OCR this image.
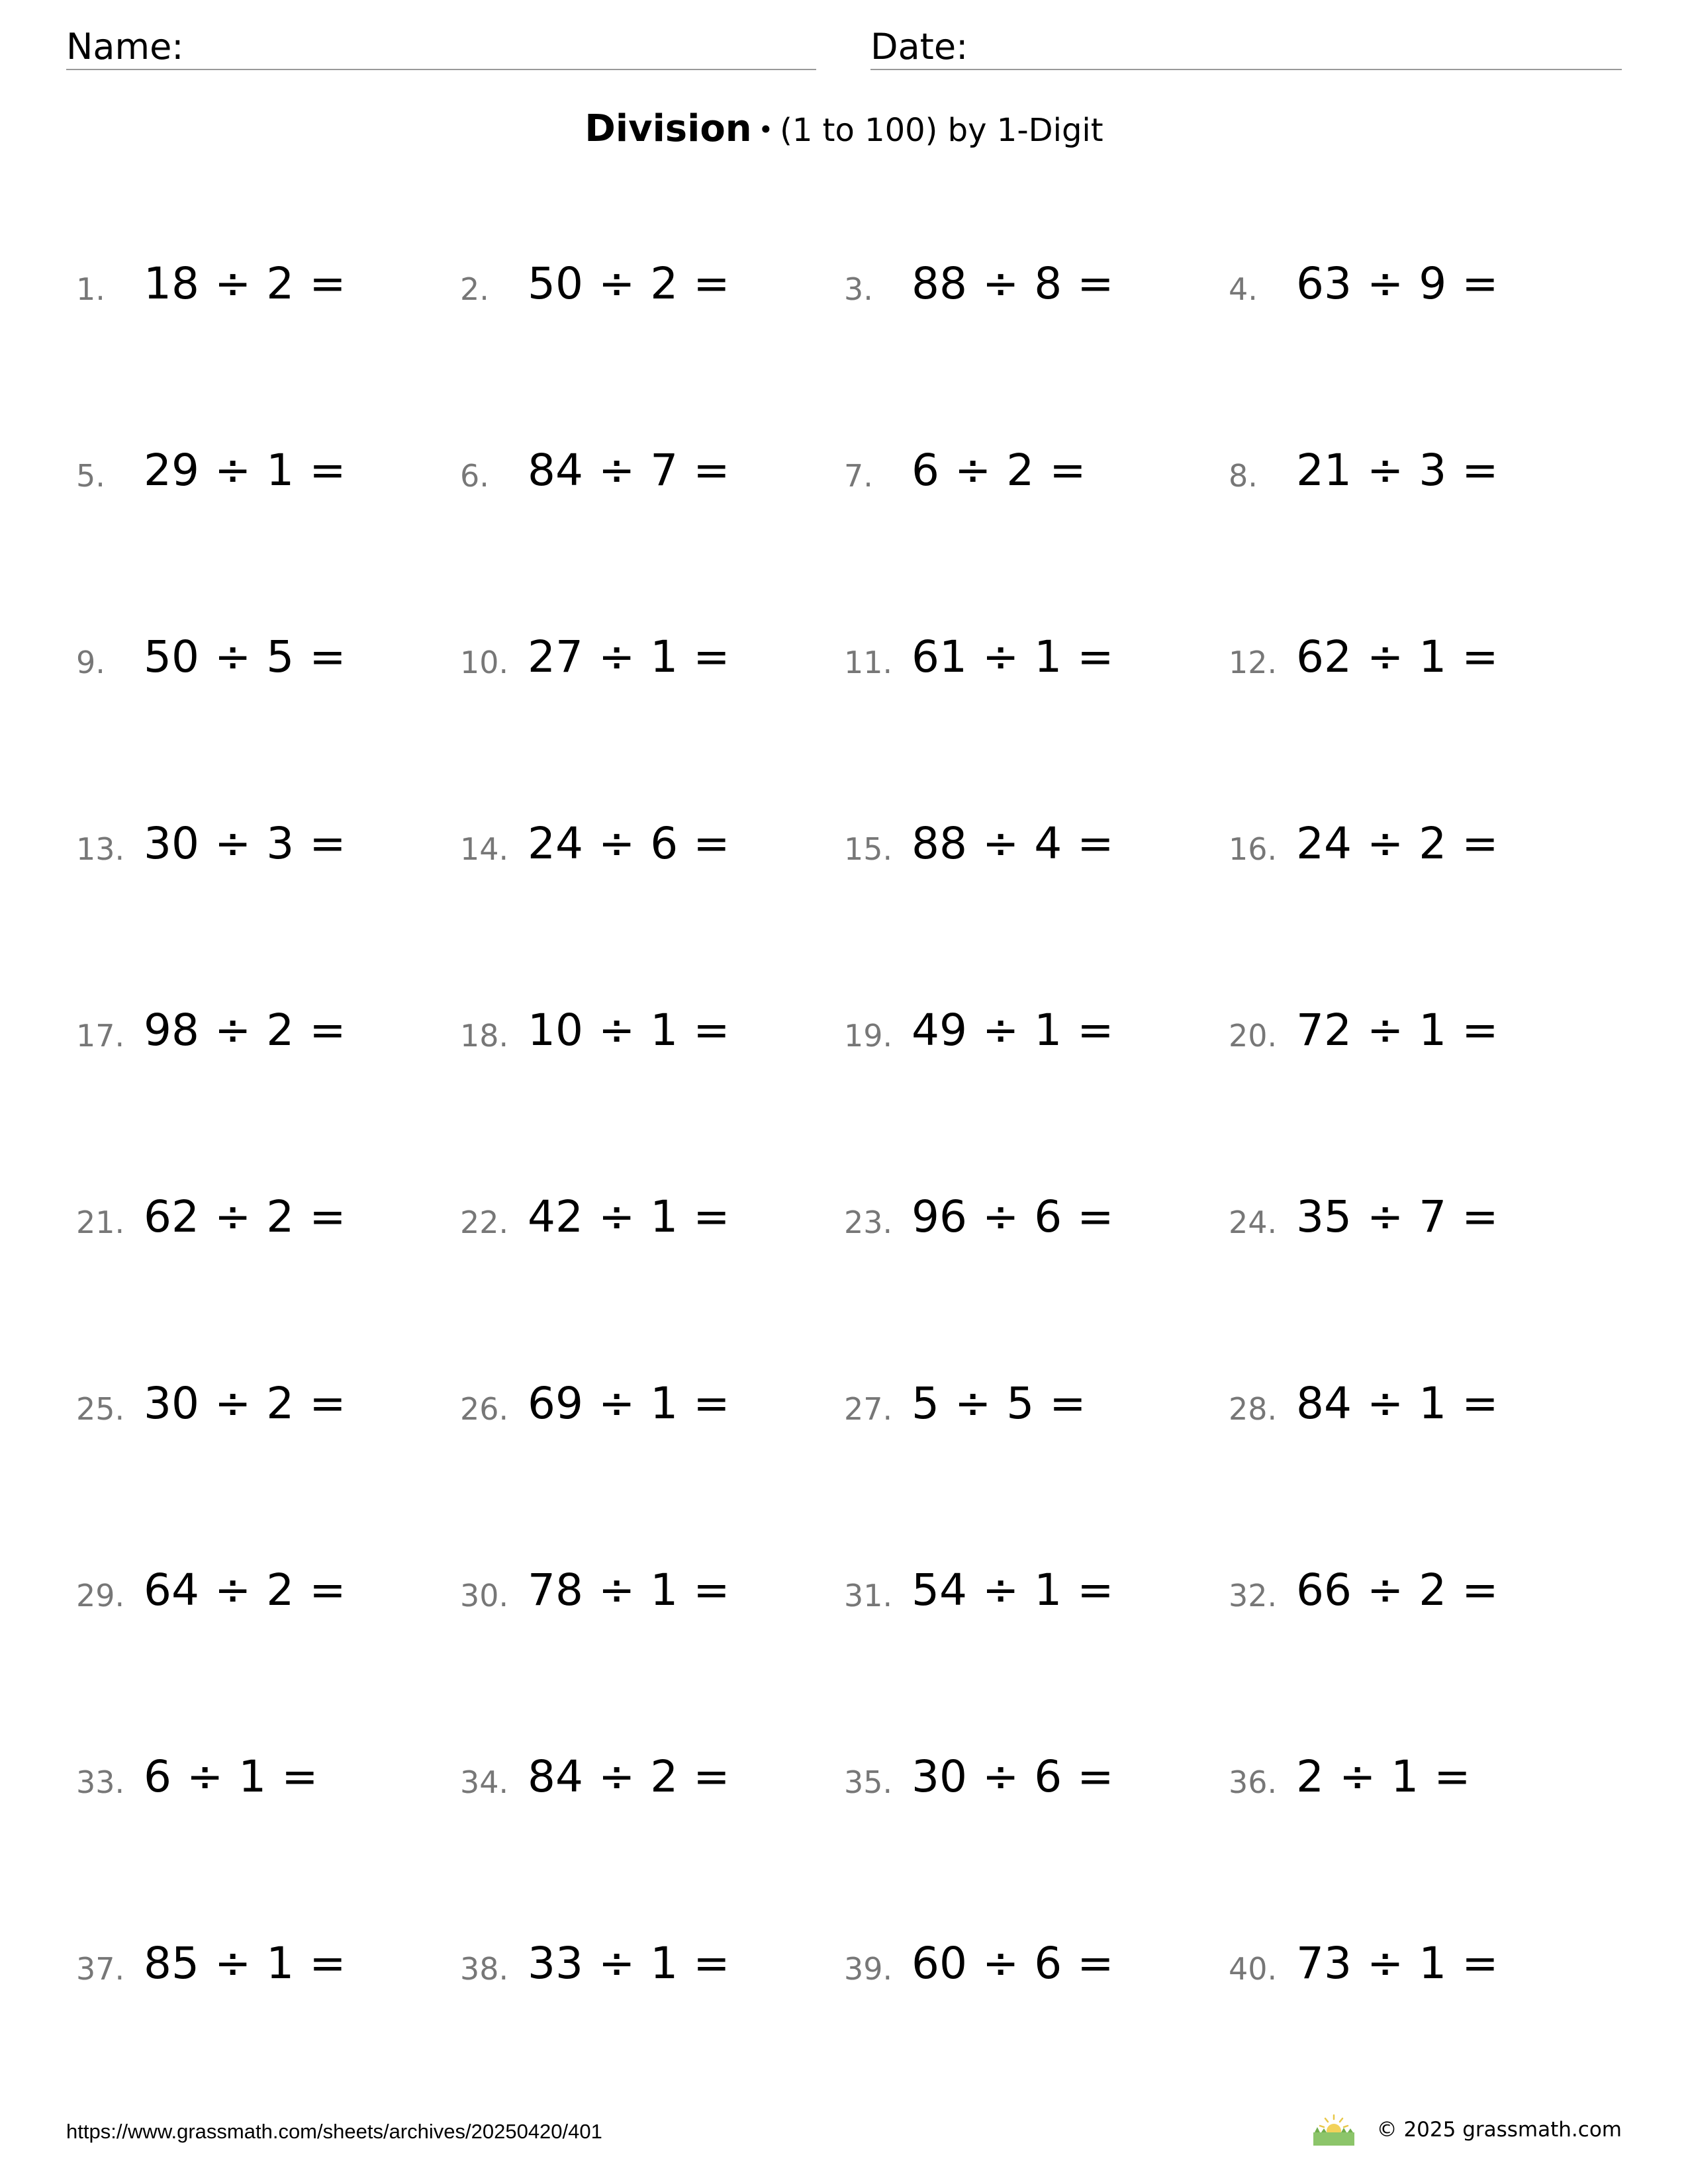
Name:	Date:
Division • (1 to 100) by 1-Digit
1. 18 ÷ 2 =	2. 50 ÷ 2 =	3. 88 ÷ 8 =	4. 63 ÷ 9 =
5. 29 ÷ 1 =	6. 84 ÷ 7 =	7. 6 ÷ 2 =	8. 21 ÷ 3 =
9. 50 ÷ 5 =	10. 27 ÷ 1 =	11. 61 ÷ 1 =	12. 62 ÷ 1 =
13. 30 ÷ 3 =	14. 24 ÷ 6 =	15. 88 ÷ 4 =	16. 24 ÷ 2 =
17. 98 ÷ 2 =	18. 10 ÷ 1 =	19. 49 ÷ 1 =	20. 72 ÷ 1 =
21. 62 ÷ 2 =	22. 42 ÷ 1 =	23. 96 ÷ 6 =	24. 35 ÷ 7 =
25. 30 ÷ 2 =	26. 69 ÷ 1 =	27. 5 ÷ 5 =	28. 84 ÷ 1 =
29. 64 ÷ 2 =	30. 78 ÷ 1 =	31. 54 ÷ 1 =	32. 66 ÷ 2 =
33. 6 ÷ 1 =	34. 84 ÷ 2 =	35. 30 ÷ 6 =	36. 2 ÷ 1 =
37. 85 ÷ 1 =	38. 33 ÷ 1 =	39. 60 ÷ 6 =	40. 73 ÷ 1 =
https://www.grassmath.com/sheets/archives/20250420/401	© 2025 grassmath.com
